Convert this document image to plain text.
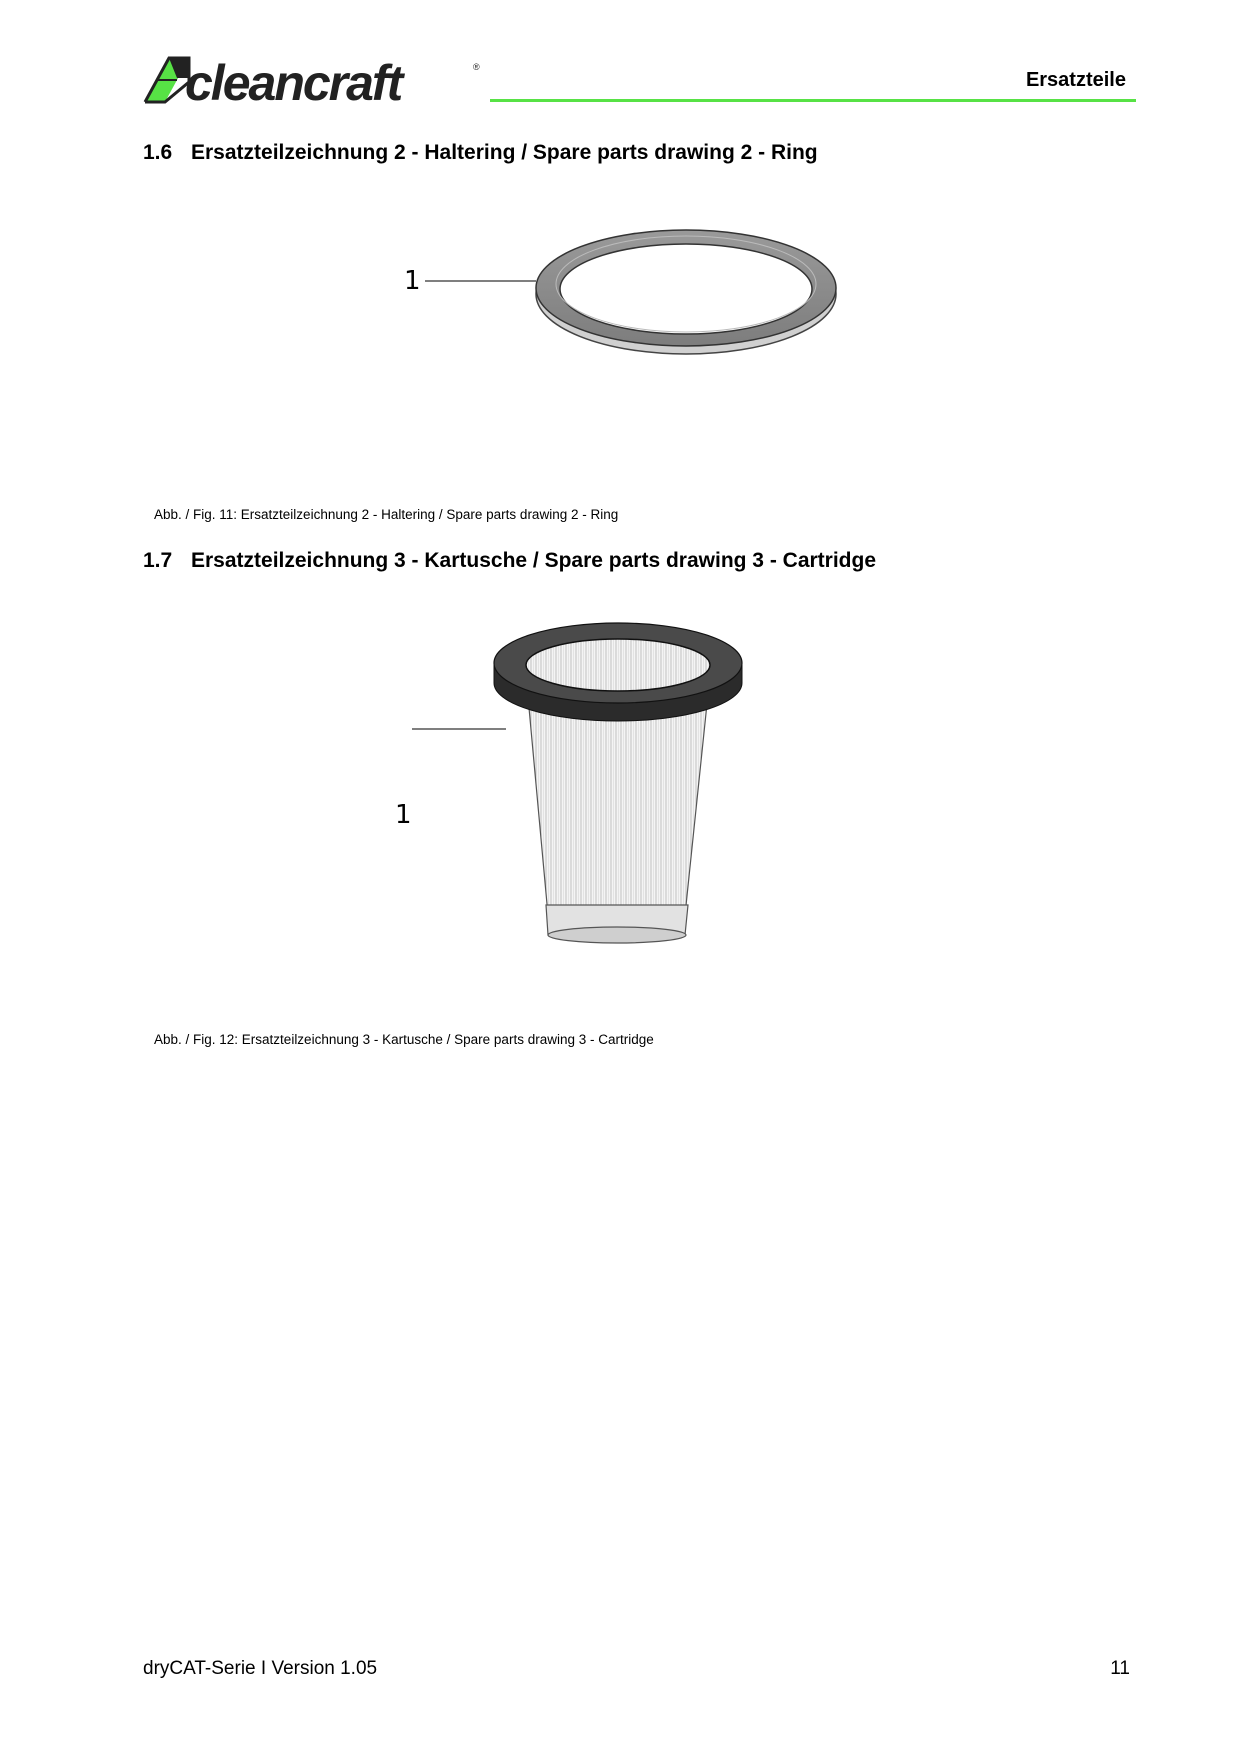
cleancraft	®
Ersatzteile
1.6 Ersatzteilzeichnung 2 - Haltering / Spare parts drawing 2 - Ring
1
Abb. / Fig. 11: Ersatzteilzeichnung 2 - Haltering / Spare parts drawing 2 - Ring
1.7 Ersatzteilzeichnung 3 - Kartusche / Spare parts drawing 3 - Cartridge
1
Abb. / Fig. 12: Ersatzteilzeichnung 3 - Kartusche / Spare parts drawing 3 - Cartridge
dryCAT-Serie I Version 1.05	11
